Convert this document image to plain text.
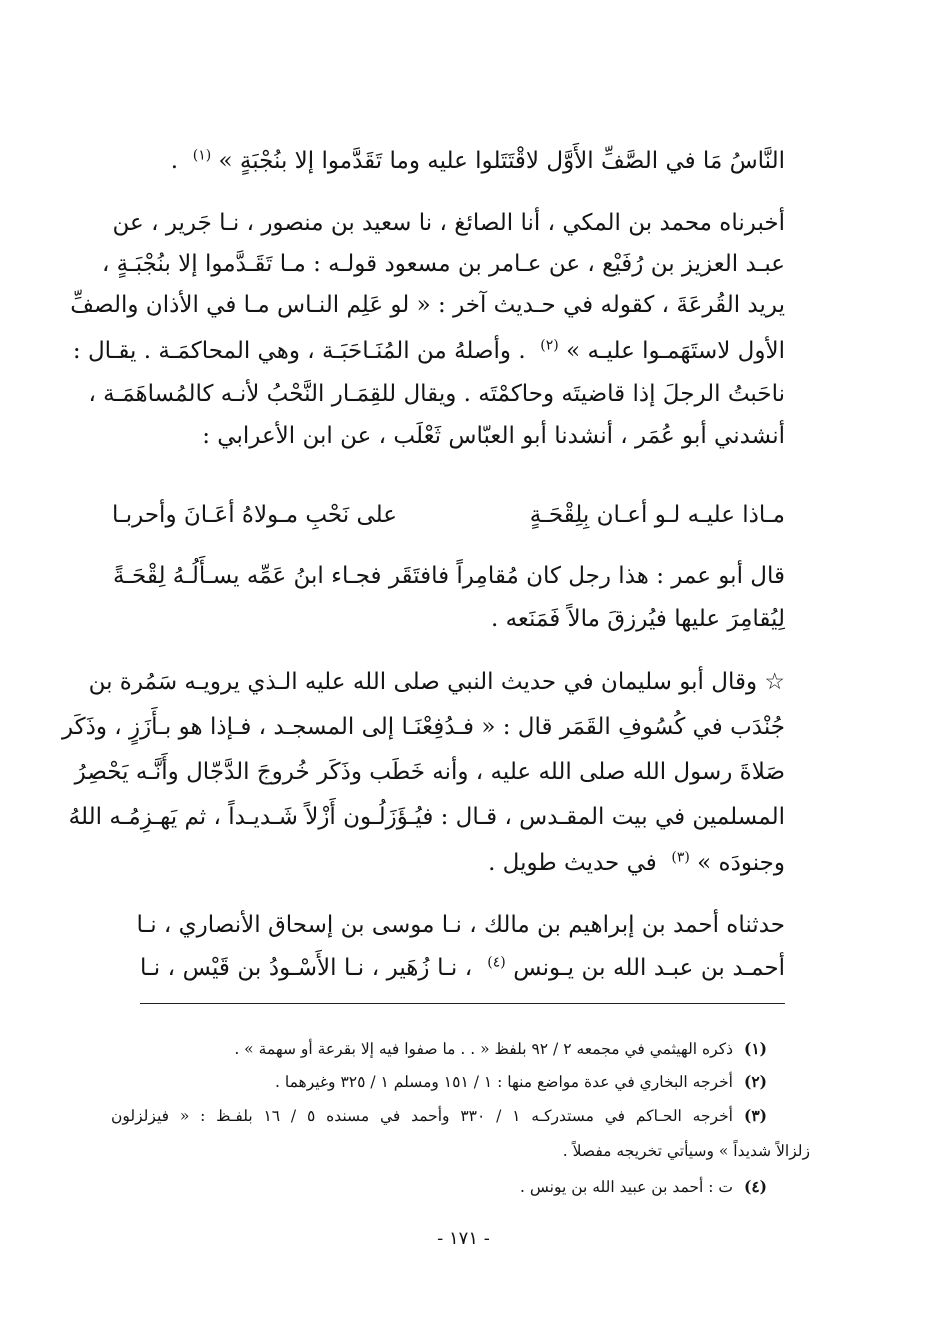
النَّاسُ مَا في الصَّفِّ الأَوَّل لاقْتَتَلوا عليه وما تَقَدَّموا إلا بنُجْبَةٍ » $^{(١)}$  .
أخبرناه محمد بن المكي ، أنا الصائغ ، نا سعيد بن منصور ، نـا جَرير ، عن
عبـد العزيز بن رُفَيْع ، عن عـامر بن مسعود قولـه : مـا تَقَـدَّموا إلا بنُجْبَـةٍ ،
يريد القُرعَةَ ، كقوله في حـديث آخر : « لو عَلِم النـاس مـا في الأذان والصفِّ
الأول لاستَهَمـوا عليـه » $^{(٢)}$  . وأصلهُ من المُنَـاحَبَـة ، وهي المحاكمَـة . يقـال :
ناحَبتُ الرجلَ إذا قاضيتَه وحاكمْتَه . ويقال للقِمَـار النَّحْبُ لأنـه كالمُساهَمَـة ،
أنشدني أبو عُمَر ، أنشدنا أبو العبّاس ثَعْلَب ، عن ابن الأعرابي :
مـاذا عليـه لـو أعـان بِلِقْحَـةٍ
على نَحْبِ مـولاهُ أعَـانَ وأحربـا
قال أبو عمر : هذا رجل كان مُقامِراً فافتَقَر فجـاء ابنُ عَمِّه يسـأَلُـهُ لِقْحَـةً
لِيُقامِرَ عليها فيُرزقَ مالاً فَمَنَعه .
☆ وقال أبو سليمان في حديث النبي صلى الله عليه الـذي يرويـه سَمُرة بن
جُنْدَب في كُسُوفِ القَمَر قال : « فـدُفِعْنَـا إلى المسجـد ، فـإذا هو بـأَزَزٍ ، وذَكَر
صَلاةَ رسول الله صلى الله عليه ، وأنه خَطَب وذَكَر خُروجَ الدَّجّال وأَنَّـه يَحْصِرُ
المسلمين في بيت المقـدس ، قـال : فيُـؤَزَلُـون أَزْلاً شَـديـداً ، ثم يَهـزِمُـه اللهُ
وجنودَه » $^{(٣)}$  في حديث طويل .
حدثناه أحمد بن إبراهيم بن مالك ، نـا موسى بن إسحاق الأنصاري ، نـا
أحمـد بن عبـد الله بن يـونس $^{(٤)}$  ، نـا زُهَير ، نـا الأَسْـودُ بن قَيْس ، نـا
(١)ذكره الهيثمي في مجمعه ٢ / ٩٢ بلفظ « . . ما صفوا فيه إلا بقرعة أو سهمة » .
(٢)أخرجه البخاري في عدة مواضع منها : ١ / ١٥١ ومسلم ١ / ٣٢٥ وغيرهما .
(٣)أخرجه الحـاكم في مستدركـه ١ / ٣٣٠ وأحمد في مسنده ٥ / ١٦ بلفـظ : « فيزلزلون
زلزالاً شديداً » وسيأتي تخريجه مفصلاً .
(٤)ت : أحمد بن عبيد الله بن يونس .
- ١٧١ -
